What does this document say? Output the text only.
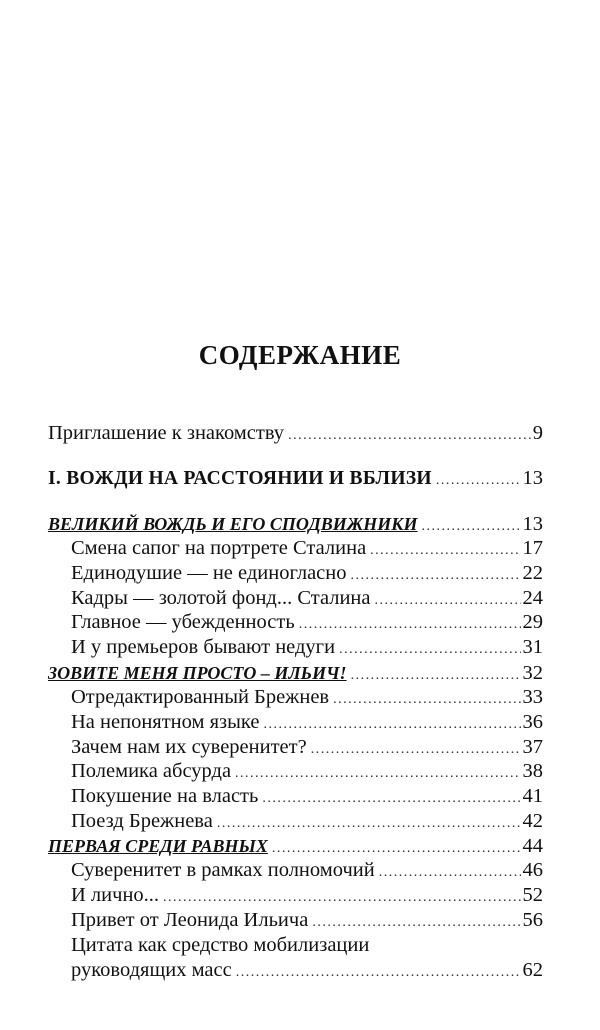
СОДЕРЖАНИЕ
Приглашение к знакомству .....	9
I. ВОЖДИ НА РАССТОЯНИИ И ВБЛИЗИ .....	13
ВЕЛИКИЙ ВОЖДЬ И ЕГО СПОДВИЖНИКИ .....	13
Смена сапог на портрете Сталина .....	17
Единодушие — не единогласно .....	22
Кадры — золотой фонд... Сталина .....	24
Главное — убежденность .....	29
И у премьеров бывают недуги .....	31
ЗОВИТЕ МЕНЯ ПРОСТО – ИЛЬИЧ! .....	32
Отредактированный Брежнев .....	33
На непонятном языке .....	36
Зачем нам их суверенитет? .....	37
Полемика абсурда .....	38
Покушение на власть .....	41
Поезд Брежнева .....	42
ПЕРВАЯ СРЕДИ РАВНЫХ .....	44
Суверенитет в рамках полномочий .....	46
И лично... .....	52
Привет от Леонида Ильича .....	56
Цитата как средство мобилизации
руководящих масс .....	62
